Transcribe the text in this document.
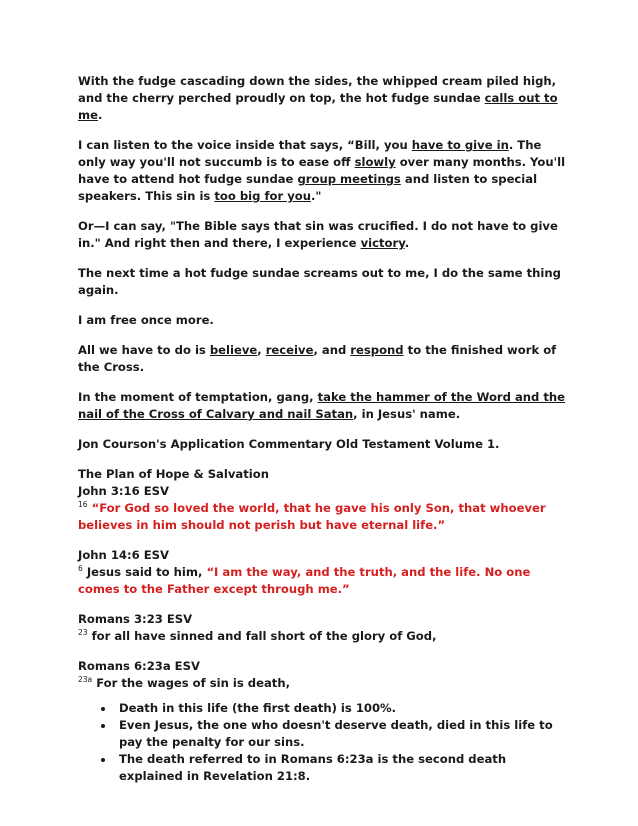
With the fudge cascading down the sides, the whipped cream piled high, and the cherry perched proudly on top, the hot fudge sundae calls out to me.

I can listen to the voice inside that says, “Bill, you have to give in. The only way you'll not succumb is to ease off slowly over many months. You'll have to attend hot fudge sundae group meetings and listen to special speakers. This sin is too big for you."

Or—I can say, "The Bible says that sin was crucified. I do not have to give in." And right then and there, I experience victory.

The next time a hot fudge sundae screams out to me, I do the same thing again.

I am free once more.

All we have to do is believe, receive, and respond to the finished work of the Cross.

In the moment of temptation, gang, take the hammer of the Word and the nail of the Cross of Calvary and nail Satan, in Jesus' name.

Jon Courson's Application Commentary Old Testament Volume 1.

The Plan of Hope & Salvation

John 3:16 ESV

$^{16}$ “For God so loved the world, that he gave his only Son, that whoever believes in him should not perish but have eternal life.”

John 14:6 ESV

$^6$ Jesus said to him, “I am the way, and the truth, and the life. No one comes to the Father except through me.”

Romans 3:23 ESV

$^{23}$ for all have sinned and fall short of the glory of God,

Romans 6:23a ESV

$^{23a}$ For the wages of sin is death,

• Death in this life (the first death) is 100%.
• Even Jesus, the one who doesn't deserve death, died in this life to pay the penalty for our sins.
• The death referred to in Romans 6:23a is the second death explained in Revelation 21:8.
